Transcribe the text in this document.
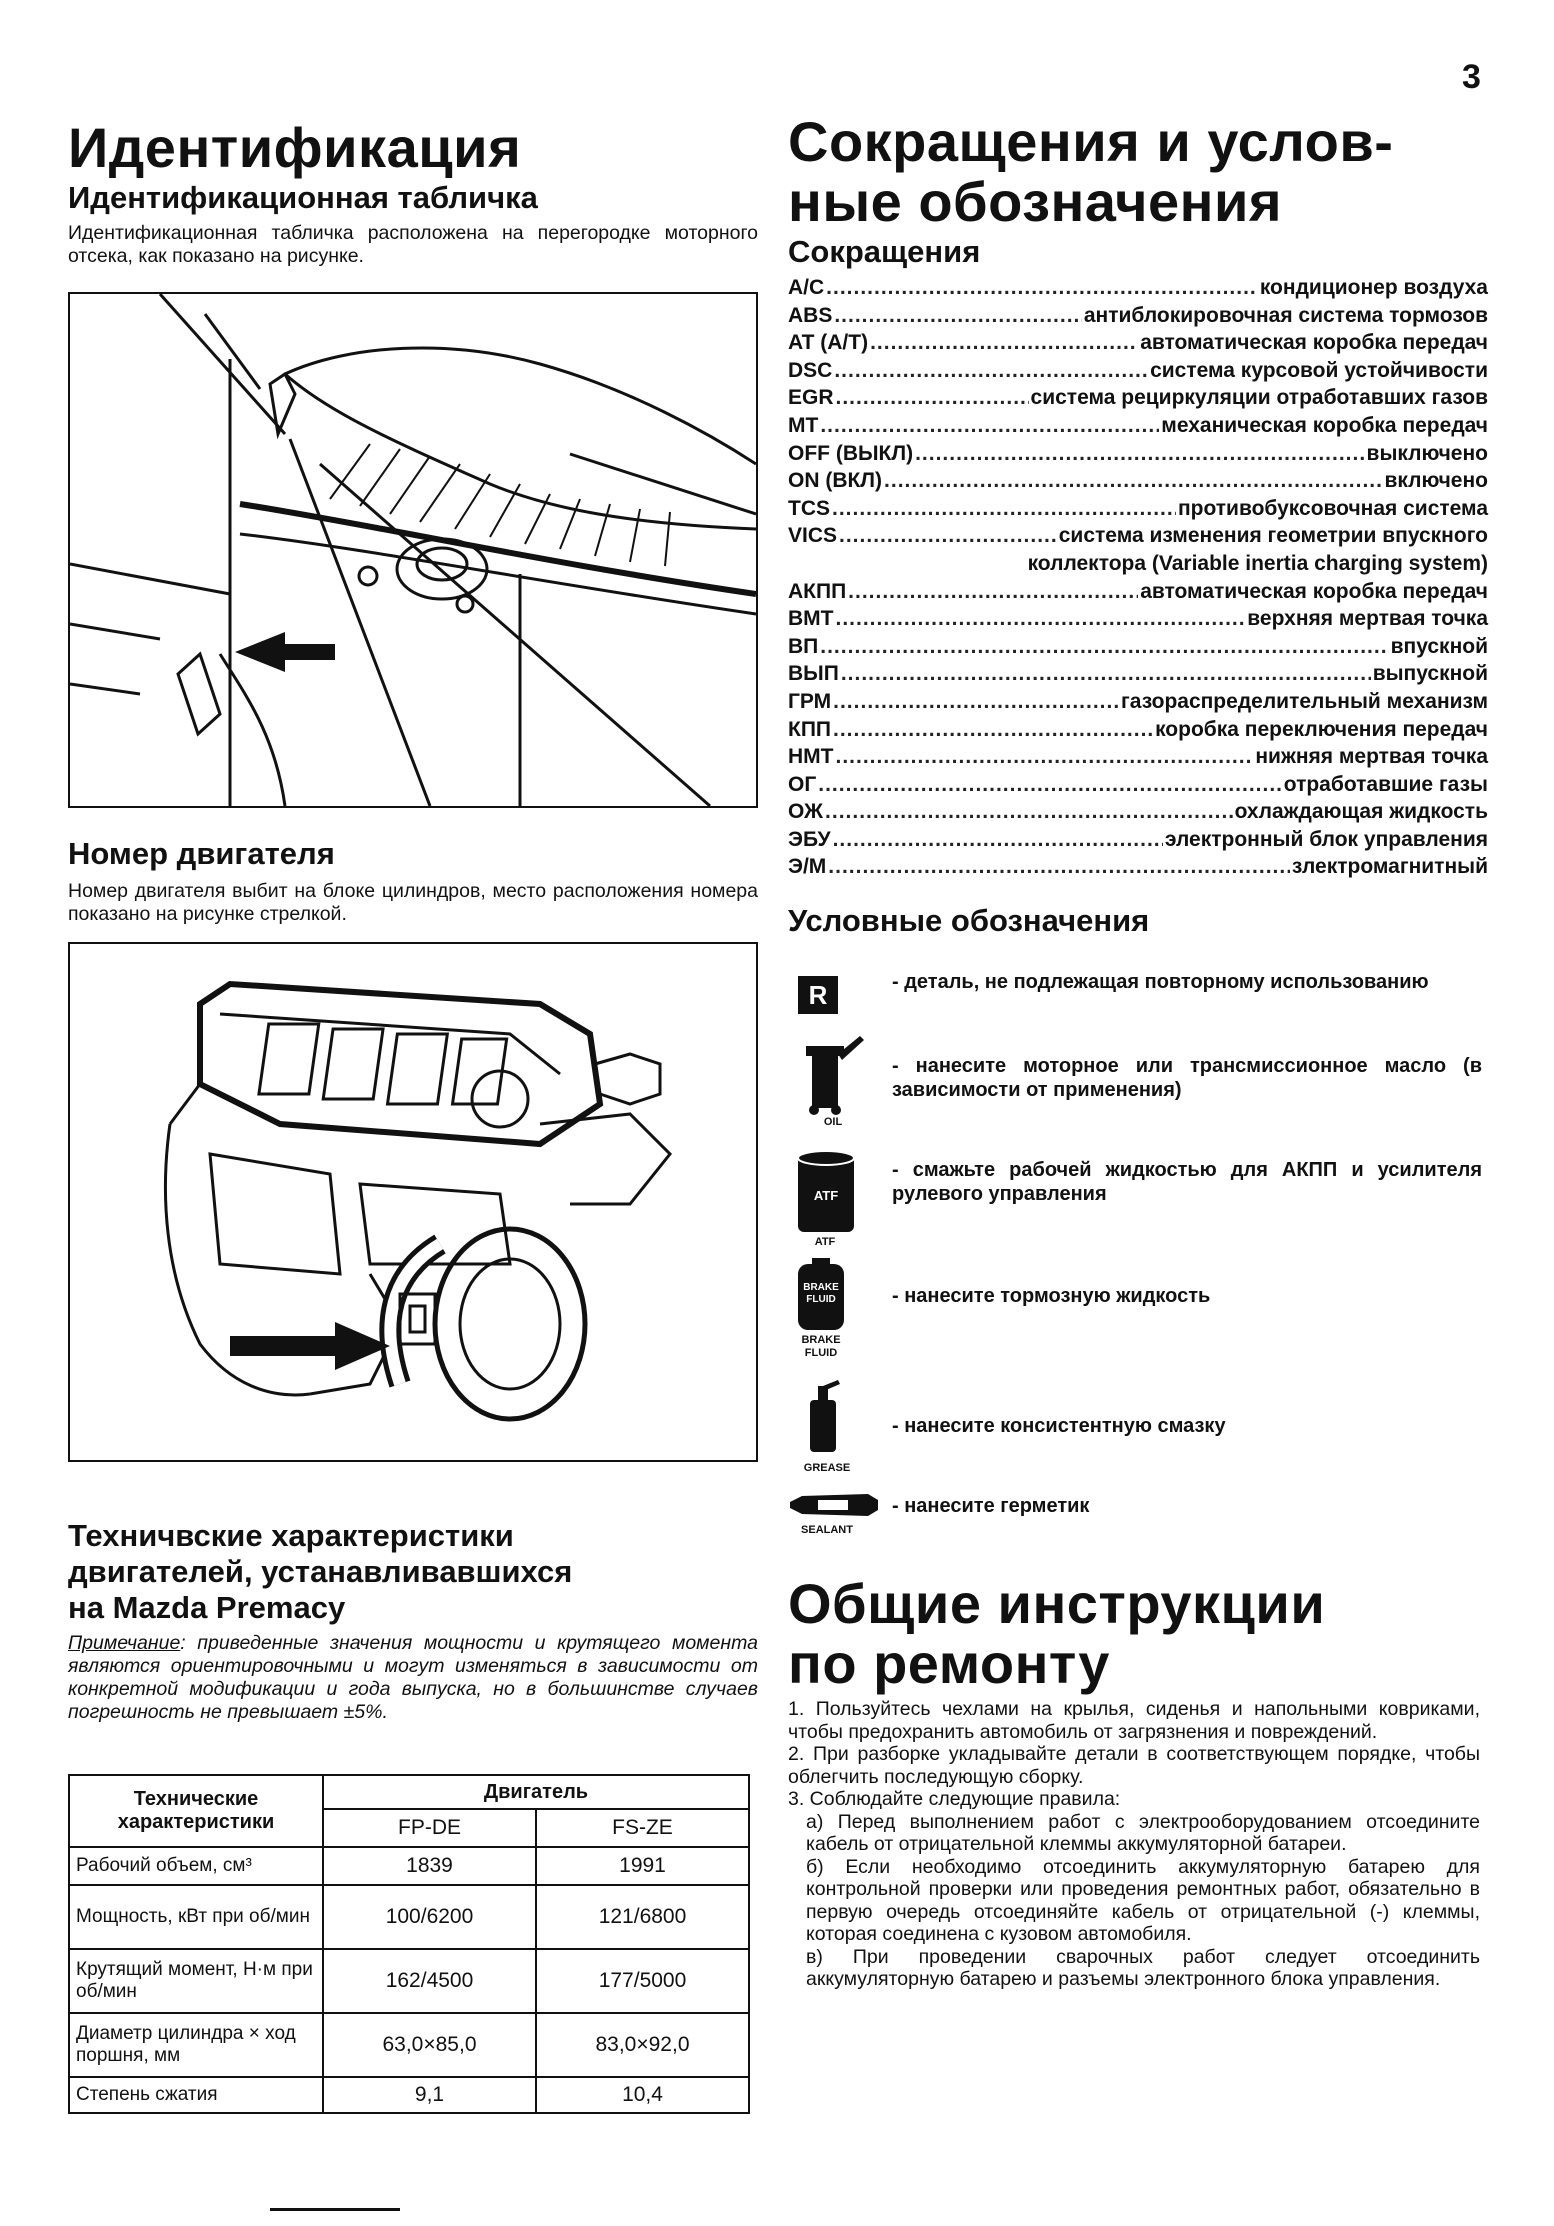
3
Идентификация
Идентификационная табличка

Идентификационная табличка расположена на перегородке моторного отсека, как показано на рисунке.

Номер двигателя

Номер двигателя выбит на блоке цилиндров, место расположения номера показано на рисунке стрелкой.

Техничвские характеристики
двигателей, устанавливавшихся
на Mazda Premacy
Примечание: приведенные значения мощности и крутящего момента являются ориентировочными и могут изменяться в зависимости от конкретной модификации и года выпуска, но в большинстве случаев погрешность не превышает ±5%.
Технические характеристики	Двигатель	
	FP-DE	FS-ZE
Рабочий объем, см³	1839	1991
Мощность, кВт при об/мин	100/6200	121/6800
Крутящий момент, Н·м при об/мин	162/4500	177/5000
Диаметр цилиндра × ход поршня, мм	63,0×85,0	83,0×92,0
Степень сжатия	9,1	10,4
Сокращения и услов-
ные обозначения
Сокращения
A/C .....	кондиционер воздуха
ABS .....	антиблокировочная система тормозов
AT (A/T) .....	автоматическая коробка передач
DSC .....	система курсовой устойчивости
EGR .....	система рециркуляции отработавших газов
MT .....	механическая коробка передач
OFF (ВЫКЛ) .....	выключено
ON (ВКЛ) .....	включено
TCS .....	противобуксовочная система
VICS .....	система изменения геометрии впускного
коллектора (Variable inertia charging system)
АКПП .....	автоматическая коробка передач
ВМТ .....	верхняя мертвая точка
ВП .....	впускной
ВЫП .....	выпускной
ГРМ .....	газораспределительный механизм
КПП .....	коробка переключения передач
НМТ .....	нижняя мертвая точка
ОГ .....	отработавшие газы
ОЖ .....	охлаждающая жидкость
ЭБУ .....	электронный блок управления
Э/М .....	злектромагнитный
Условные обозначения
R	- деталь, не подлежащая повторному использованию
OIL
- нанесите моторное или трансмиссионное масло (в зависимости от применения)
ATF
ATF
- смажьте рабочей жидкостью для АКПП и усилителя рулевого управления
BRAKE
FLUID
BRAKE
FLUID
- нанесите тормозную жидкость
GREASE
- нанесите консистентную смазку
SEALANT
- нанесите герметик
Общие инструкции
по ремонту
1. Пользуйтесь чехлами на крылья, сиденья и напольными ковриками, чтобы предохранить автомобиль от загрязнения и повреждений.
2. При разборке укладывайте детали в соответствующем порядке, чтобы облегчить последующую сборку.
3. Соблюдайте следующие правила:
а) Перед выполнением работ с электрооборудованием отсоедините кабель от отрицательной клеммы аккумуляторной батареи.
б) Если необходимо отсоединить аккумуляторную батарею для контрольной проверки или проведения ремонтных работ, обязательно в первую очередь отсоединяйте кабель от отрицательной (-) клеммы, которая соединена с кузовом автомобиля.
в) При проведении сварочных работ следует отсоединить аккумуляторную батарею и разъемы электронного блока управления.
